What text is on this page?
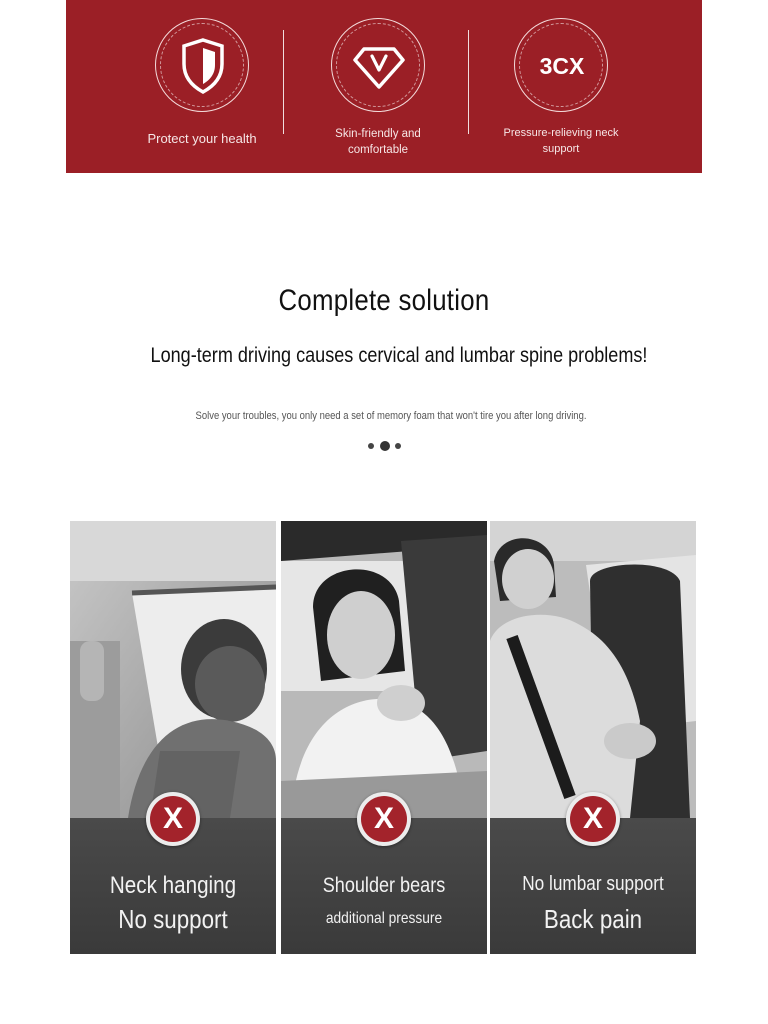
Protect your health	Skin-friendly and
comfortable
3CX
Pressure-relieving neck
support
Complete solution
Long-term driving causes cervical and lumbar spine problems!
Solve your troubles, you only need a set of memory foam that won't tire you after long driving.
X
Neck hanging
No support
X
Shoulder bears
additional pressure
X
No lumbar support
Back pain
